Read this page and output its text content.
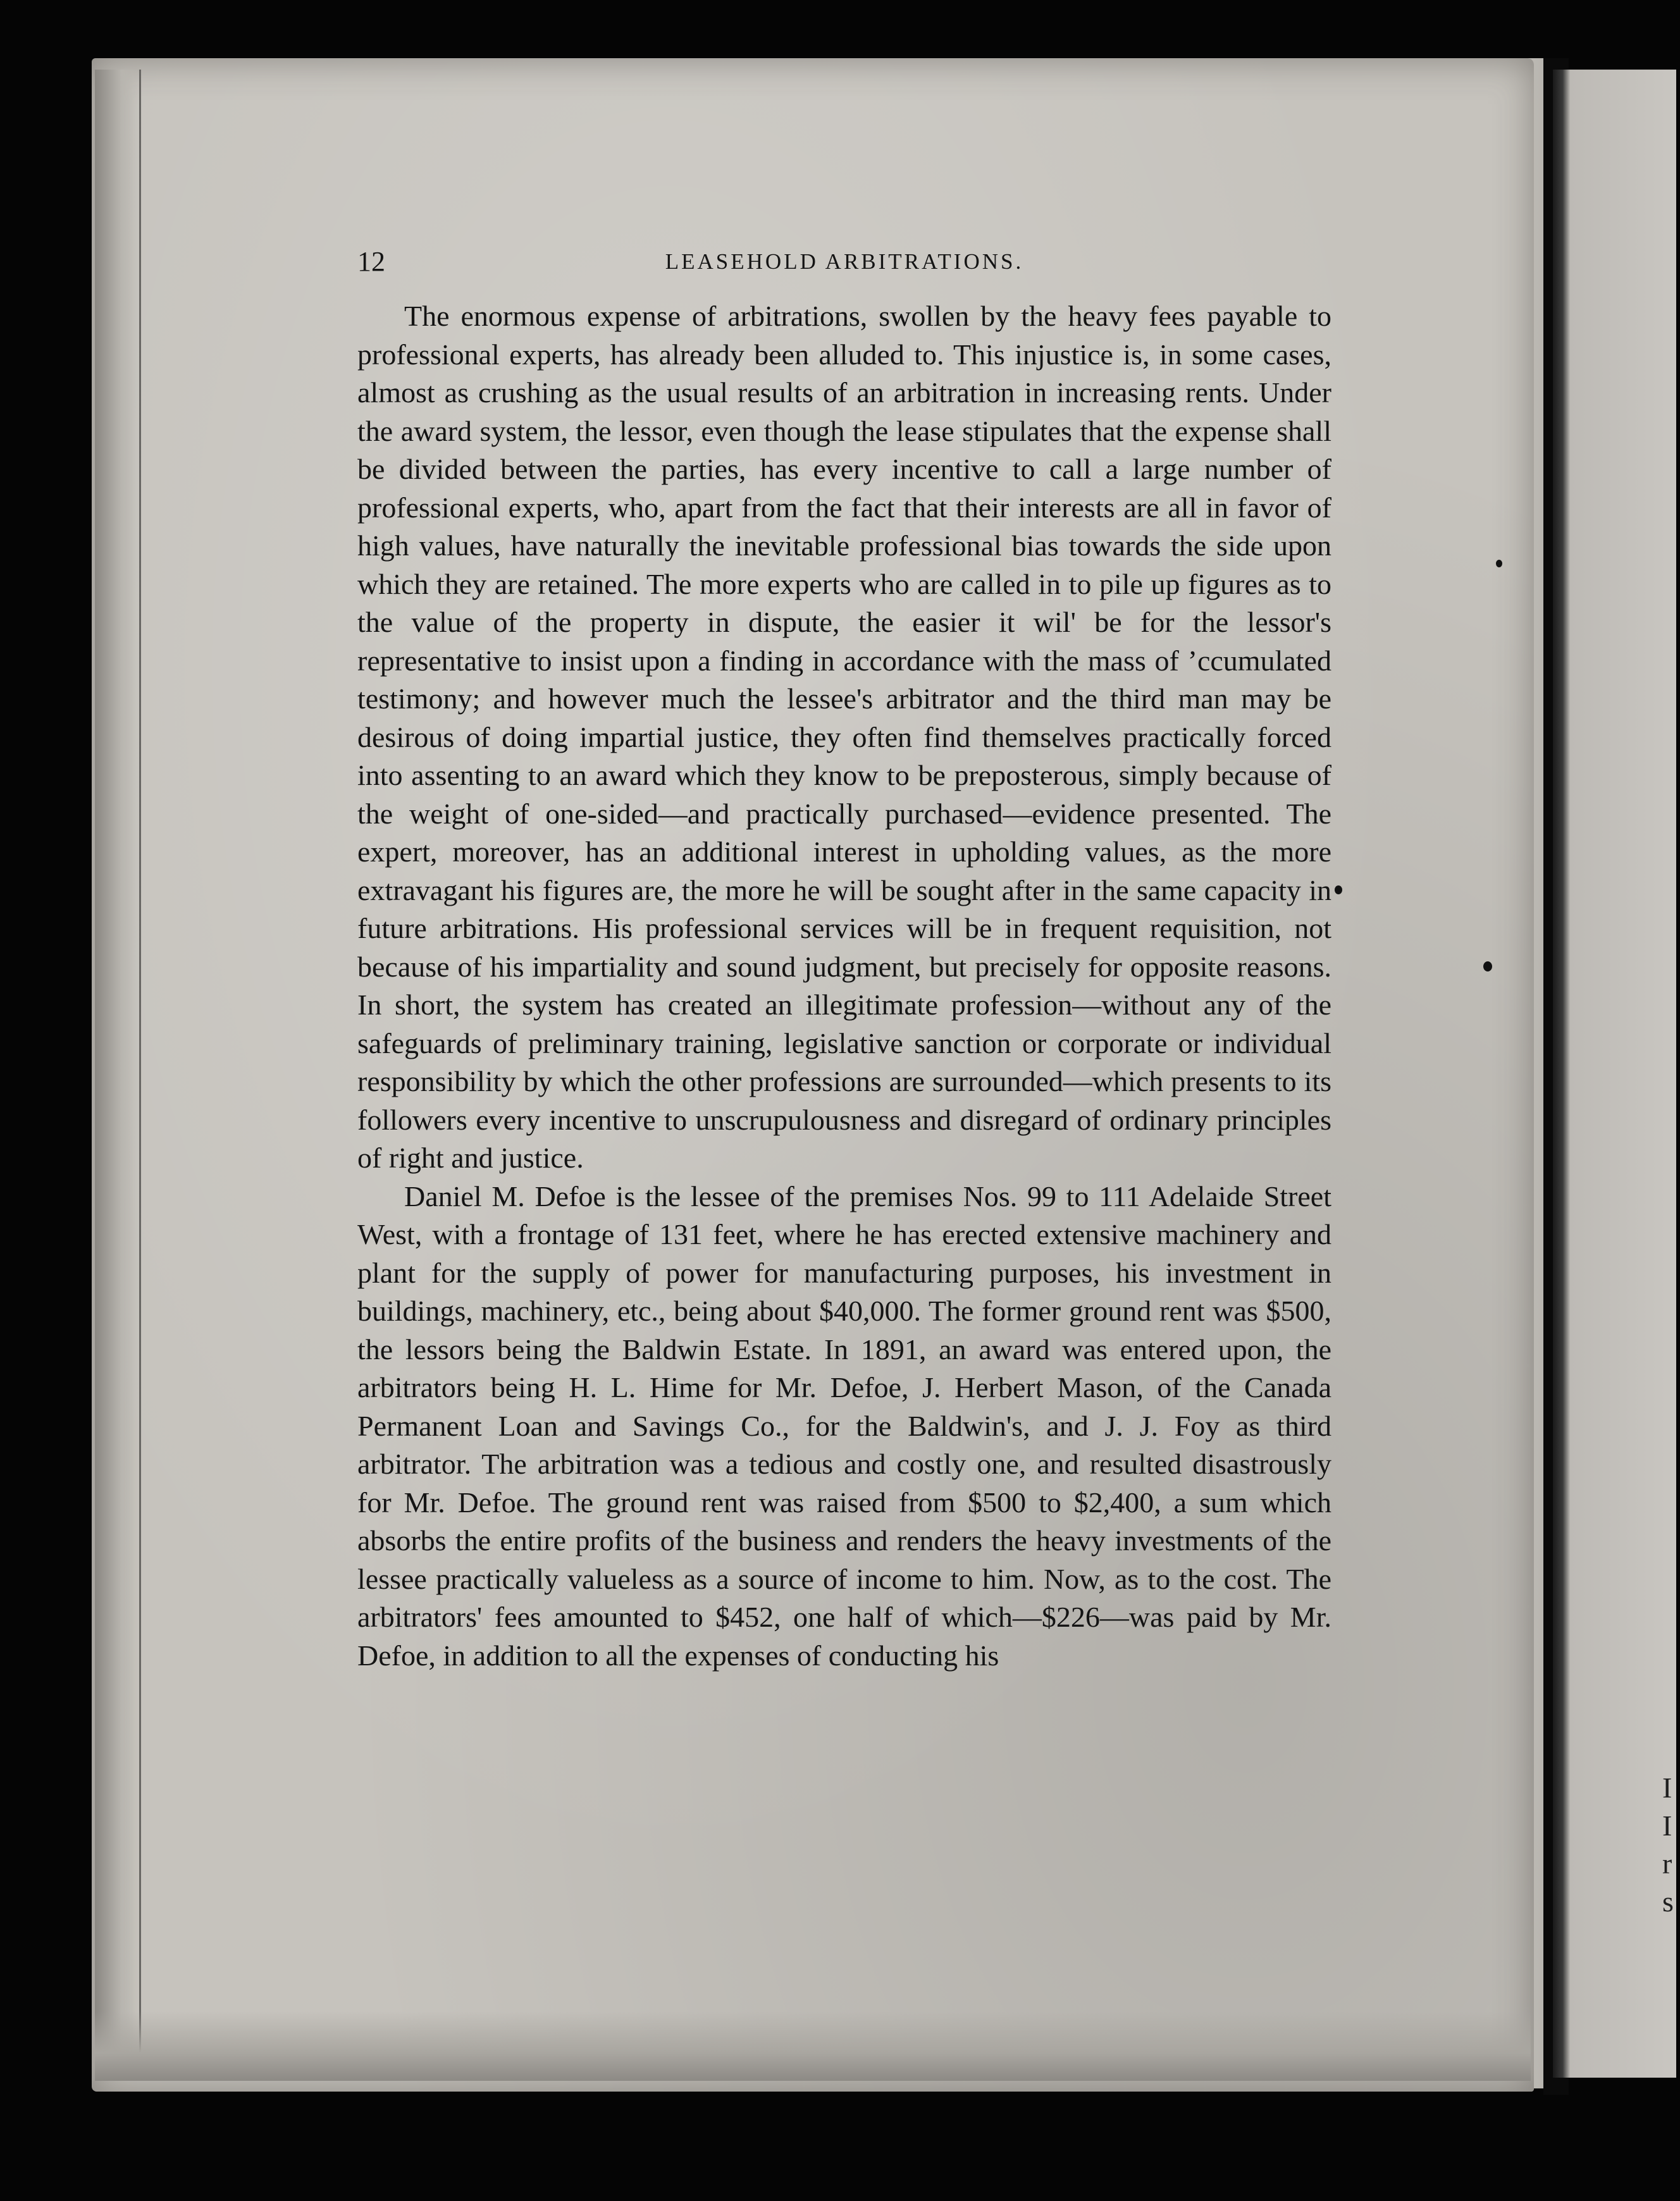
I
I
r
s
12	LEASEHOLD ARBITRATIONS.

The enormous expense of arbitrations, swollen by the heavy fees payable to professional experts, has already been alluded to. This injustice is, in some cases, almost as crushing as the usual results of an arbitration in increasing rents. Under the award system, the lessor, even though the lease stipulates that the expense shall be divided between the parties, has every incentive to call a large number of professional experts, who, apart from the fact that their interests are all in favor of high values, have naturally the inevitable professional bias towards the side upon which they are retained. The more experts who are called in to pile up figures as to the value of the property in dispute, the easier it wil' be for the lessor's representative to insist upon a finding in accordance with the mass of ’ccumulated testimony; and however much the lessee's arbitrator and the third man may be desirous of doing impartial justice, they often find themselves practically forced into assenting to an award which they know to be preposterous, simply because of the weight of one-sided—and practically purchased—evidence presented. The expert, moreover, has an additional interest in upholding values, as the more extravagant his figures are, the more he will be sought after in the same capacity in future arbitrations. His professional services will be in frequent requisition, not because of his impartiality and sound judgment, but precisely for opposite reasons. In short, the system has created an illegitimate profession—without any of the safeguards of preliminary training, legislative sanction or corporate or individual responsibility by which the other professions are surrounded—which presents to its followers every incentive to unscrupulousness and disregard of ordinary principles of right and justice.

Daniel M. Defoe is the lessee of the premises Nos. 99 to 111 Adelaide Street West, with a frontage of 131 feet, where he has erected extensive machinery and plant for the supply of power for manufacturing purposes, his investment in buildings, machinery, etc., being about $40,000. The former ground rent was $500, the lessors being the Baldwin Estate. In 1891, an award was entered upon, the arbitrators being H. L. Hime for Mr. Defoe, J. Herbert Mason, of the Canada Permanent Loan and Savings Co., for the Baldwin's, and J. J. Foy as third arbitrator. The arbitration was a tedious and costly one, and resulted disastrously for Mr. Defoe. The ground rent was raised from $500 to $2,400, a sum which absorbs the entire profits of the business and renders the heavy investments of the lessee practically valueless as a source of income to him. Now, as to the cost. The arbitrators' fees amounted to $452, one half of which—$226—was paid by Mr. Defoe, in addition to all the expenses of conducting his
